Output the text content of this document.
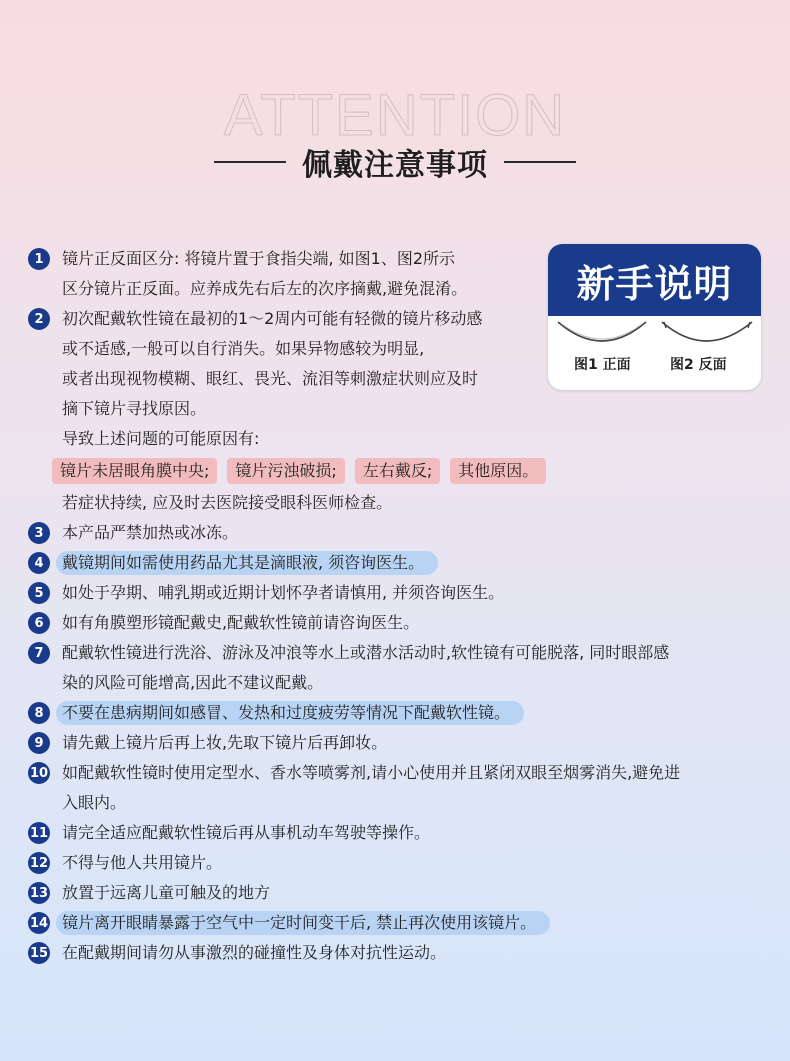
ATTENTION
佩戴注意事项
新手说明
图1 正面	图2 反面
1	镜片正反面区分: 将镜片置于食指尖端, 如图1、图2所示
区分镜片正反面。应养成先右后左的次序摘戴,避免混淆。
2	初次配戴软性镜在最初的1～2周内可能有轻微的镜片移动感
或不适感,一般可以自行消失。如果异物感较为明显,
或者出现视物模糊、眼红、畏光、流泪等刺激症状则应及时
摘下镜片寻找原因。
导致上述问题的可能原因有:
镜片未居眼角膜中央;	镜片污浊破损;	左右戴反;	其他原因。
若症状持续, 应及时去医院接受眼科医师检查。
3	本产品严禁加热或冰冻。
4	戴镜期间如需使用药品尤其是滴眼液, 须咨询医生。
5	如处于孕期、哺乳期或近期计划怀孕者请慎用, 并须咨询医生。
6	如有角膜塑形镜配戴史,配戴软性镜前请咨询医生。
7	配戴软性镜进行洗浴、游泳及冲浪等水上或潜水活动时,软性镜有可能脱落, 同时眼部感
染的风险可能增高,因此不建议配戴。
8	不要在患病期间如感冒、发热和过度疲劳等情况下配戴软性镜。
9	请先戴上镜片后再上妆,先取下镜片后再卸妆。
10 如配戴软性镜时使用定型水、香水等喷雾剂,请小心使用并且紧闭双眼至烟雾消失,避免进
入眼内。
11 请完全适应配戴软性镜后再从事机动车驾驶等操作。
12 不得与他人共用镜片。
13 放置于远离儿童可触及的地方
14 镜片离开眼睛暴露于空气中一定时间变干后, 禁止再次使用该镜片。
15 在配戴期间请勿从事激烈的碰撞性及身体对抗性运动。
